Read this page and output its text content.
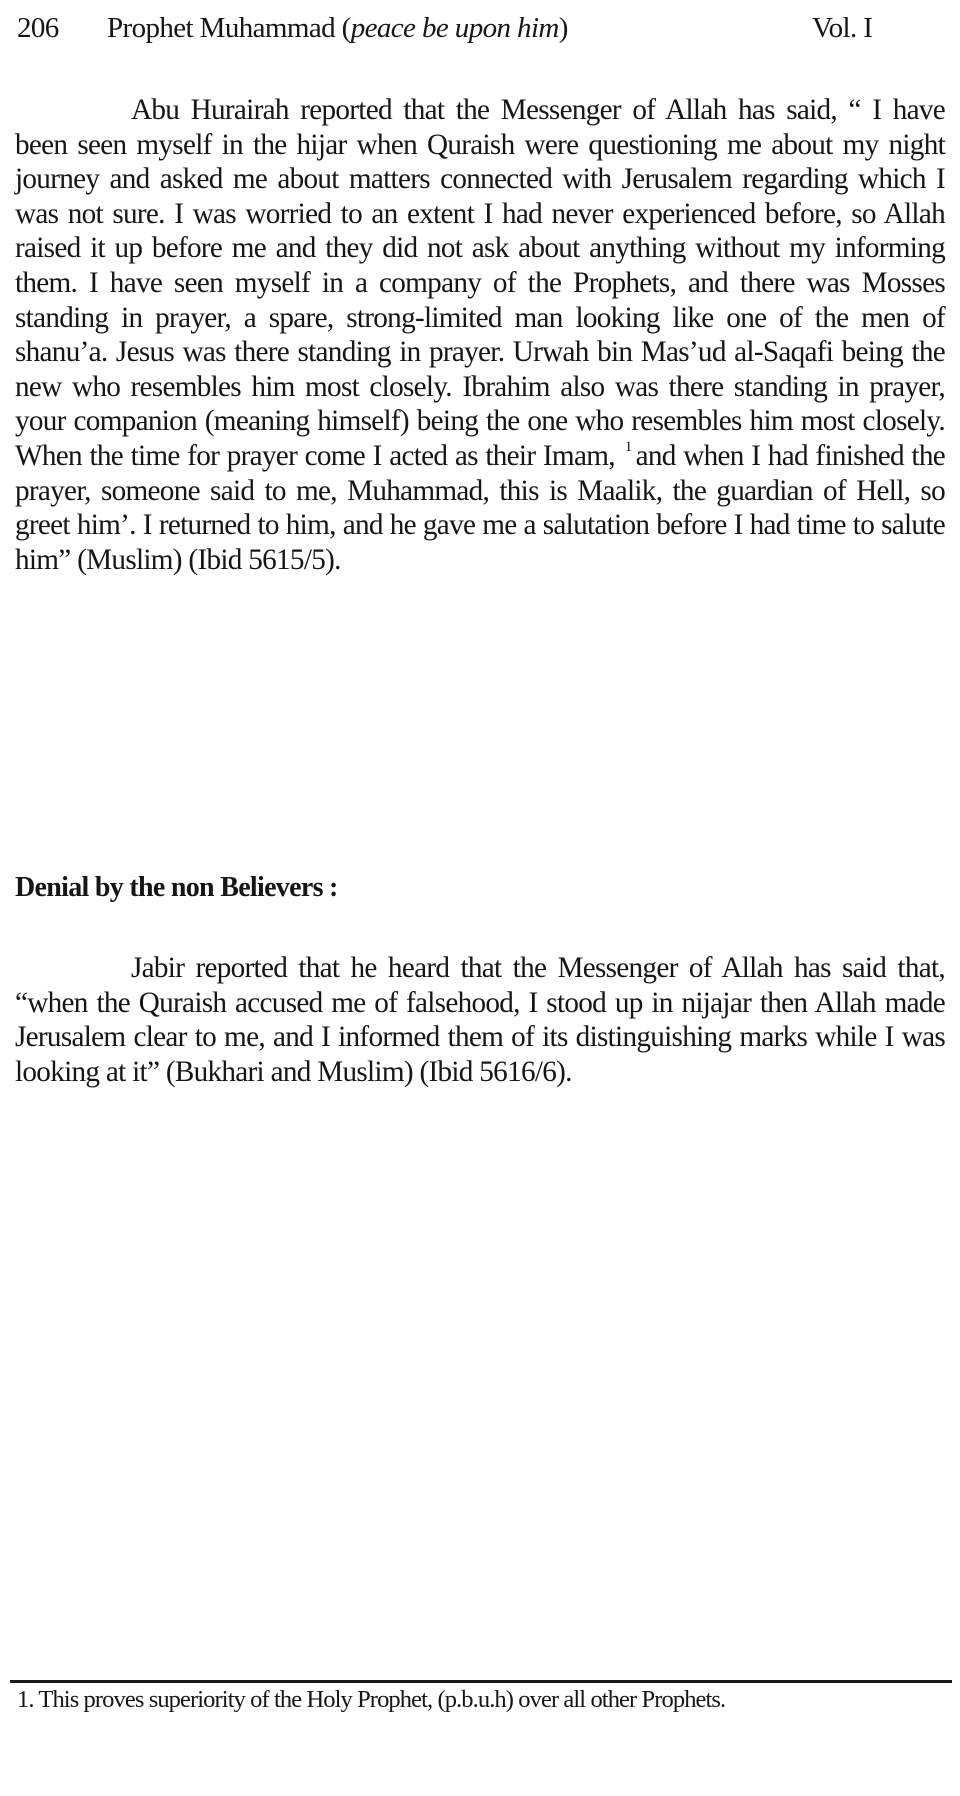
206 Prophet Muhammad (peace be upon him)	Vol. I

Abu Hurairah reported that the Messenger of Allah has said, “ I have been seen myself in the hijar when Quraish were questioning me about my night journey and asked me about matters connected with Jerusalem regarding which I was not sure. I was worried to an extent I had never experienced before, so Allah raised it up before me and they did not ask about anything without my informing them. I have seen myself in a company of the Prophets, and there was Mosses standing in prayer, a spare, strong-limited man looking like one of the men of shanu’a. Jesus was there standing in prayer. Urwah bin Mas’ud al-Saqafi being the new who resembles him most closely. Ibrahim also was there standing in prayer, your companion (meaning himself) being the one who resembles him most closely. When the time for prayer come I acted as their Imam, $^1$ and when I had finished the prayer, someone said to me, Muhammad, this is Maalik, the guardian of Hell, so greet him’. I returned to him, and he gave me a salutation before I had time to salute him” (Muslim) (Ibid 5615/5).

Denial by the non Believers :

Jabir reported that he heard that the Messenger of Allah has said that, “when the Quraish accused me of falsehood, I stood up in nijajar then Allah made Jerusalem clear to me, and I informed them of its distinguishing marks while I was looking at it” (Bukhari and Muslim) (Ibid 5616/6).

1. This proves superiority of the Holy Prophet, (p.b.u.h) over all other Prophets.
